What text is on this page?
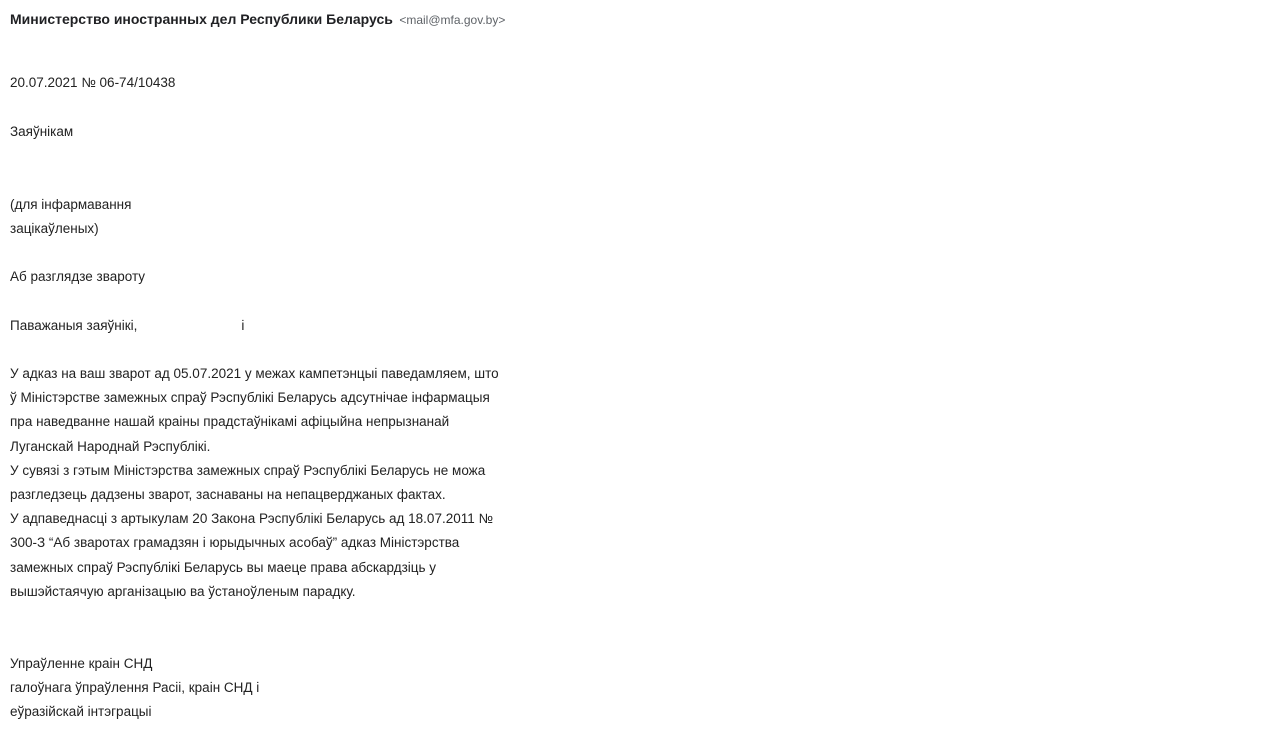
Министерство иностранных дел Республики Беларусь <mail@mfa.gov.by>
20.07.2021 № 06-74/10438
Заяўнікам
(для інфармавання
зацікаўленых)
Аб разглядзе звароту
Паважаныя заяўнікі,	і
У адказ на ваш зварот ад 05.07.2021 у межах кампетэнцыі паведамляем, што
ў Міністэрстве замежных спраў Рэспублікі Беларусь адсутнічае інфармацыя
пра наведванне нашай краіны прадстаўнікамі афіцыйна непрызнанай
Луганскай Народнай Рэспублікі.
У сувязі з гэтым Міністэрства замежных спраў Рэспублікі Беларусь не можа
разгледзець дадзены зварот, заснаваны на непацверджаных фактах.
У адпаведнасці з артыкулам 20 Закона Рэспублікі Беларусь ад 18.07.2011 №
300-З “Аб зваротах грамадзян і юрыдычных асобаў” адказ Міністэрства
замежных спраў Рэспублікі Беларусь вы маеце права абскардзіць у
вышэйстаячую арганізацыю ва ўстаноўленым парадку.
Упраўленне краін СНД
галоўнага ўпраўлення Расіі, краін СНД і
еўразійскай інтэграцыі
